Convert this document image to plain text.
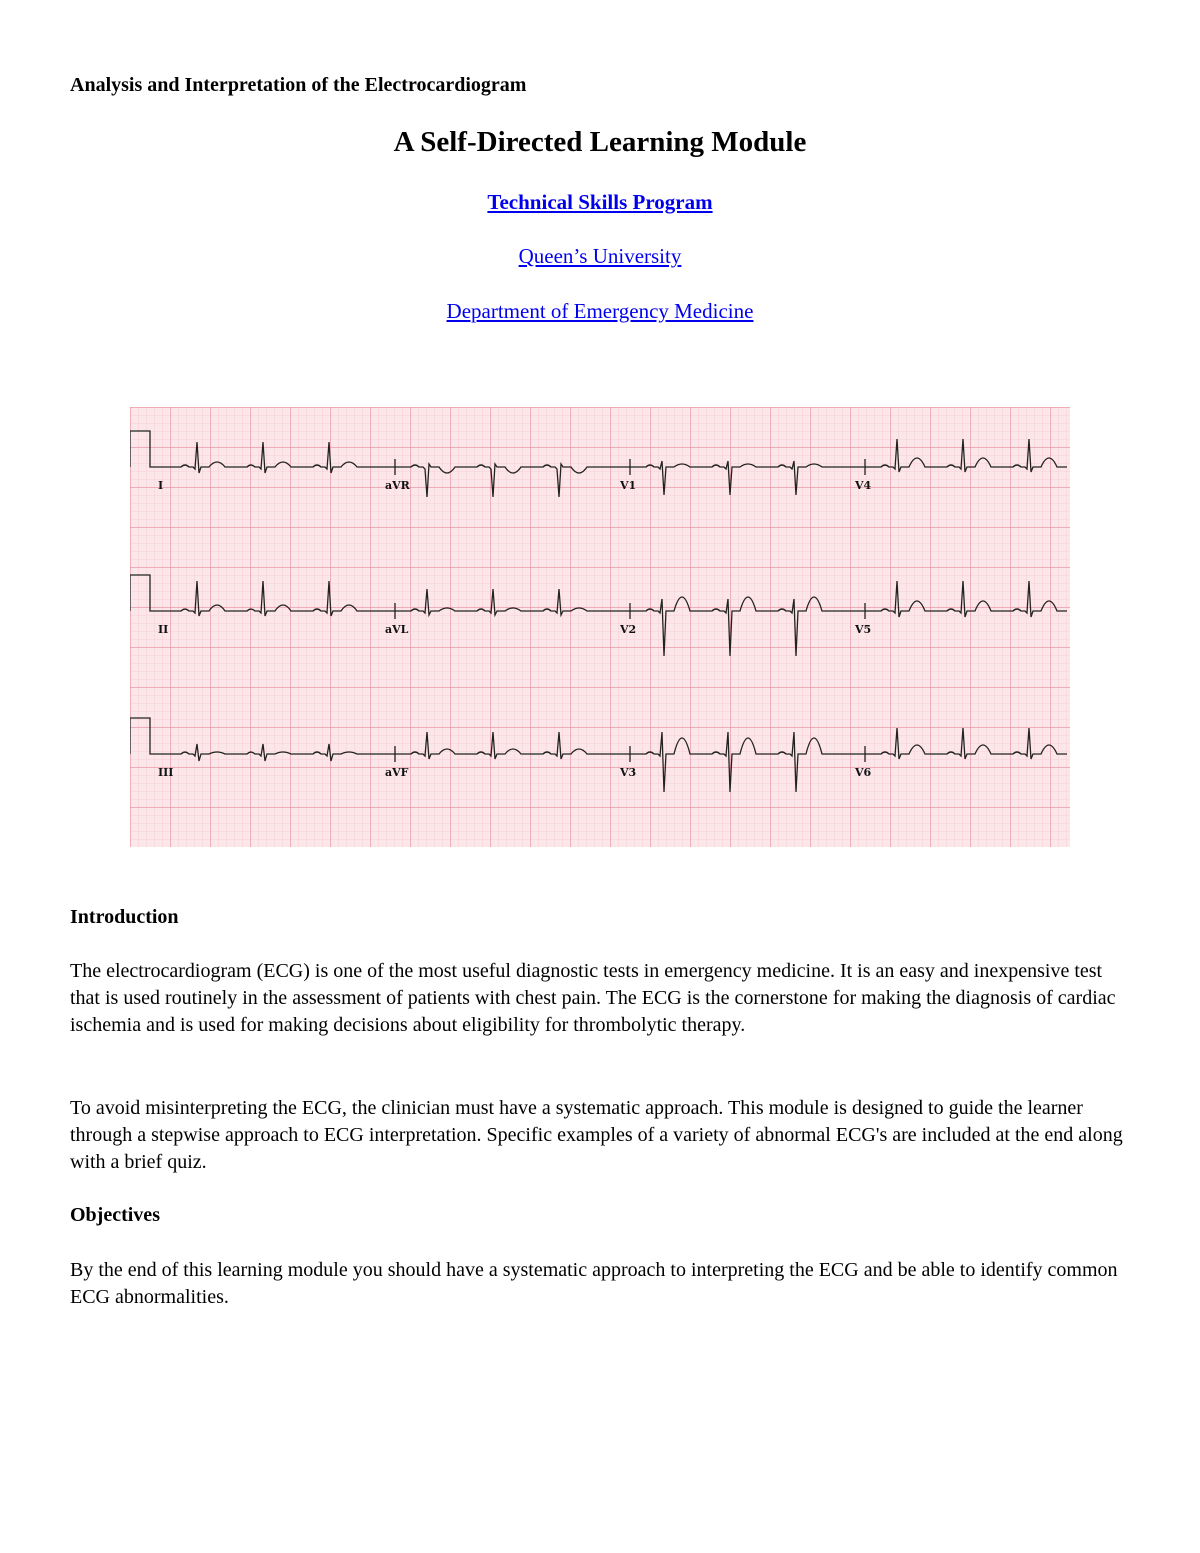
Analysis and Interpretation of the Electrocardiogram

A Self-Directed Learning Module

Technical Skills Program

Queen’s University

Department of Emergency Medicine

I	aVR	V1	V4
II	aVL	V2	V5
III	aVF	V3	V6
Introduction

The electrocardiogram (ECG) is one of the most useful diagnostic tests in emergency medicine. It is an easy and inexpensive test that is used routinely in the assessment of patients with chest pain. The ECG is the cornerstone for making the diagnosis of cardiac ischemia and is used for making decisions about eligibility for thrombolytic therapy.

To avoid misinterpreting the ECG, the clinician must have a systematic approach. This module is designed to guide the learner through a stepwise approach to ECG interpretation. Specific examples of a variety of abnormal ECG's are included at the end along with a brief quiz.

Objectives

By the end of this learning module you should have a systematic approach to interpreting the ECG and be able to identify common ECG abnormalities.
